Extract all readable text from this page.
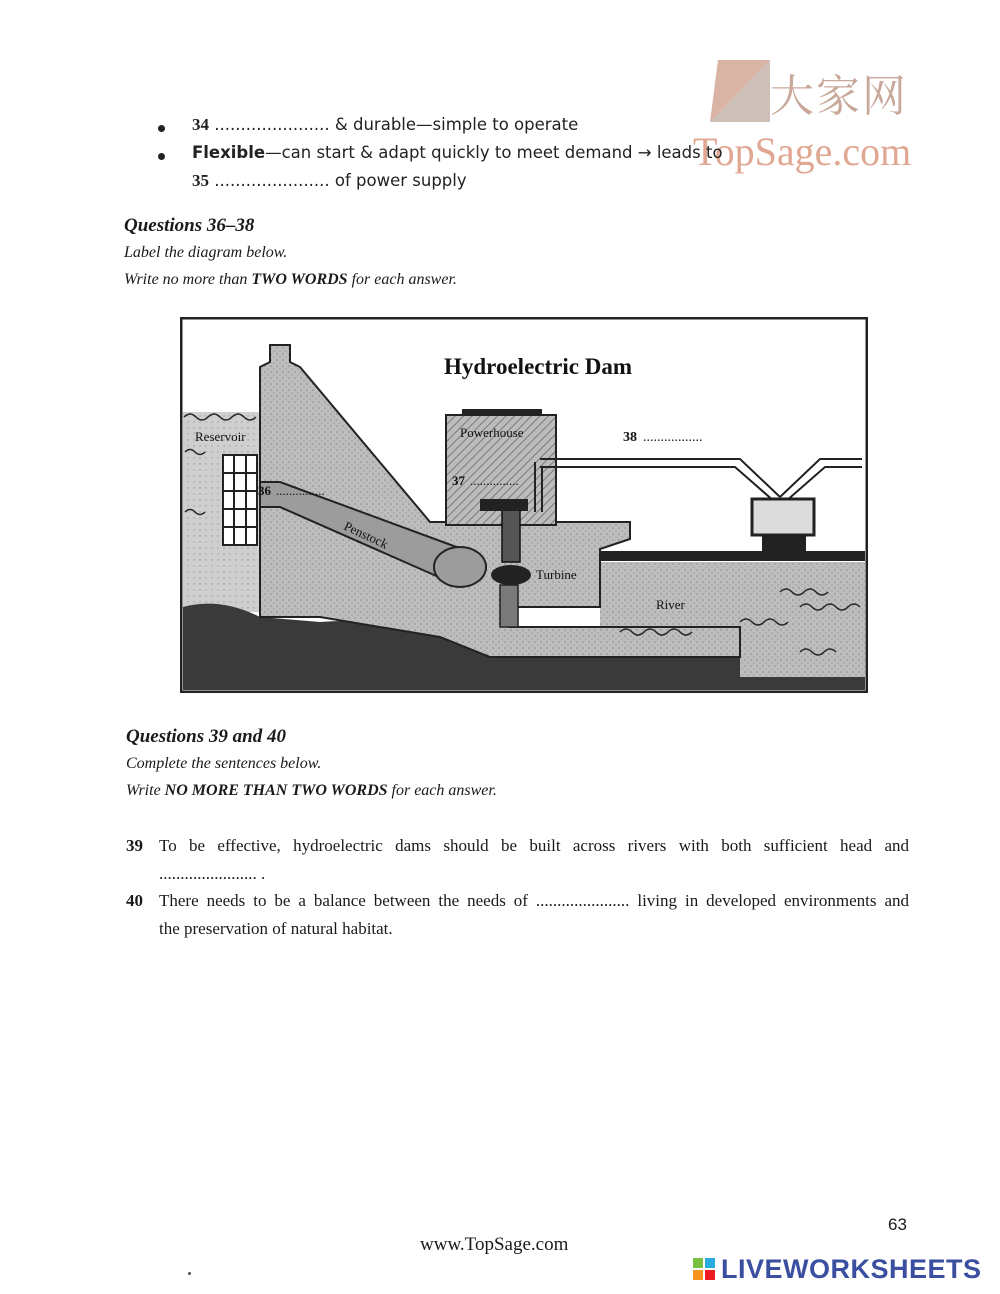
大家网
TopSage.com
34 ...................... & durable—simple to operate
Flexible—can start & adapt quickly to meet demand → leads to
35 ...................... of power supply
Questions 36–38
Label the diagram below.
Write no more than TWO WORDS for each answer.
Hydroelectric Dam
Reservoir	Powerhouse
Penstock
Turbine
River
36 ...............
37 ...............
38 .................
Questions 39 and 40
Complete the sentences below.
Write NO MORE THAN TWO WORDS for each answer.
39 To be effective, hydroelectric dams should be built across rivers with both sufficient head and
....................... .
40 There needs to be a balance between the needs of ...................... living in developed environments and
the preservation of natural habitat.
63
www.TopSage.com
LIVEWORKSHEETS
